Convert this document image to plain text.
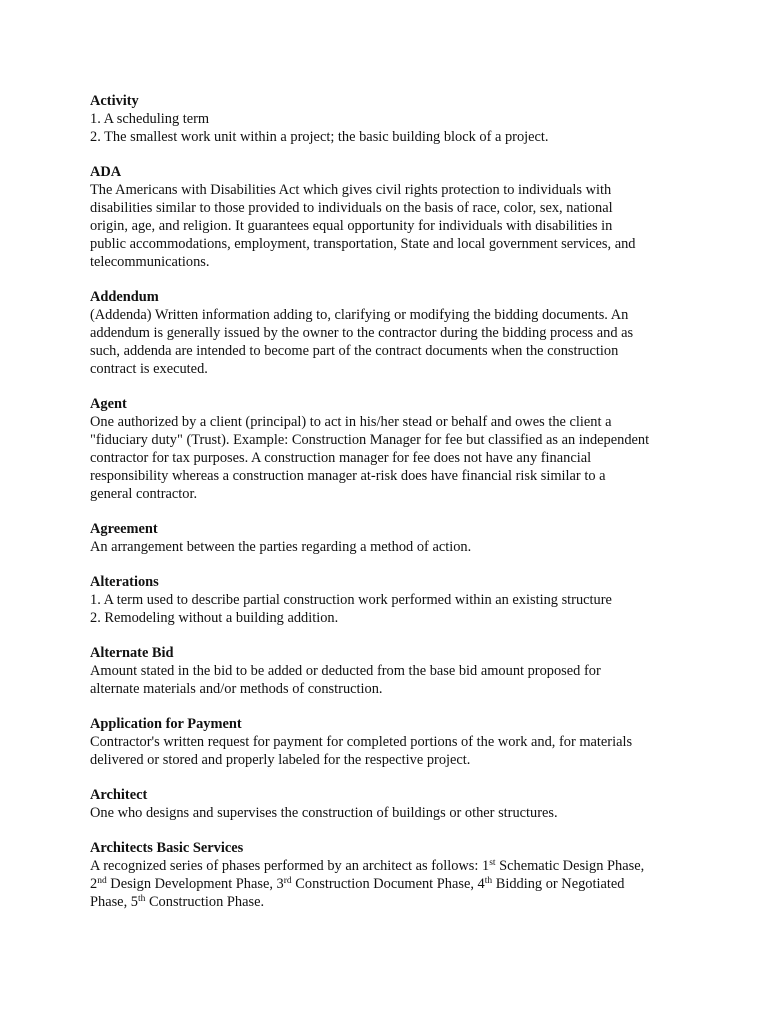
Activity
1. A scheduling term
2. The smallest work unit within a project; the basic building block of a project.
ADA
The Americans with Disabilities Act which gives civil rights protection to individuals with
disabilities similar to those provided to individuals on the basis of race, color, sex, national
origin, age, and religion. It guarantees equal opportunity for individuals with disabilities in
public accommodations, employment, transportation, State and local government services, and
telecommunications.
Addendum
(Addenda) Written information adding to, clarifying or modifying the bidding documents. An
addendum is generally issued by the owner to the contractor during the bidding process and as
such, addenda are intended to become part of the contract documents when the construction
contract is executed.
Agent
One authorized by a client (principal) to act in his/her stead or behalf and owes the client a
"fiduciary duty" (Trust). Example: Construction Manager for fee but classified as an independent
contractor for tax purposes. A construction manager for fee does not have any financial
responsibility whereas a construction manager at-risk does have financial risk similar to a
general contractor.
Agreement
An arrangement between the parties regarding a method of action.
Alterations
1. A term used to describe partial construction work performed within an existing structure
2. Remodeling without a building addition.
Alternate Bid
Amount stated in the bid to be added or deducted from the base bid amount proposed for
alternate materials and/or methods of construction.
Application for Payment
Contractor's written request for payment for completed portions of the work and, for materials
delivered or stored and properly labeled for the respective project.
Architect
One who designs and supervises the construction of buildings or other structures.
Architects Basic Services
A recognized series of phases performed by an architect as follows: 1st Schematic Design Phase,
2nd Design Development Phase, 3rd Construction Document Phase, 4th Bidding or Negotiated
Phase, 5th Construction Phase.
